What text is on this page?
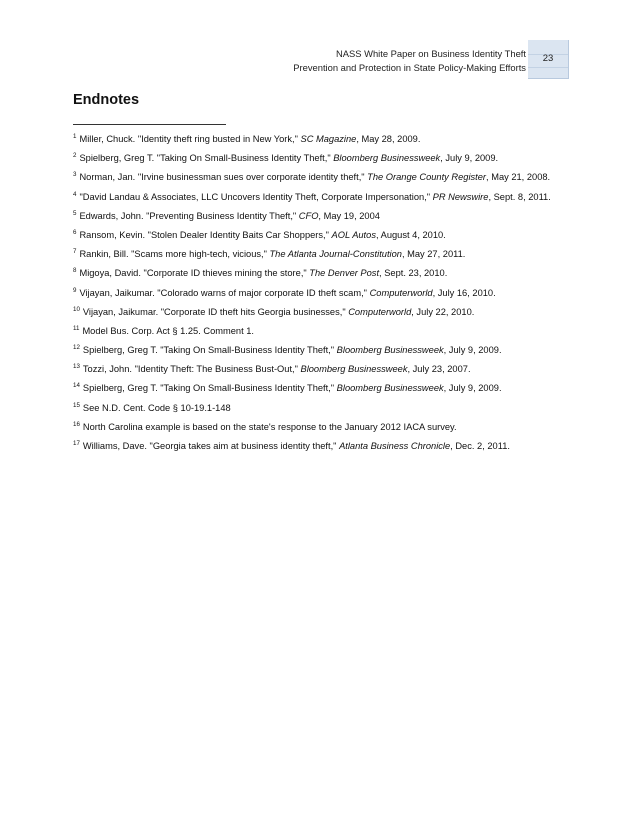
NASS White Paper on Business Identity Theft
Prevention and Protection in State Policy-Making Efforts
23
Endnotes
$^1$ Miller, Chuck. "Identity theft ring busted in New York," SC Magazine, May 28, 2009.
$^2$ Spielberg, Greg T. "Taking On Small-Business Identity Theft," Bloomberg Businessweek, July 9, 2009.
$^3$ Norman, Jan. "Irvine businessman sues over corporate identity theft," The Orange County Register, May 21, 2008.
$^4$ "David Landau & Associates, LLC Uncovers Identity Theft, Corporate Impersonation," PR Newswire, Sept. 8, 2011.
$^5$ Edwards, John. "Preventing Business Identity Theft," CFO, May 19, 2004
$^6$ Ransom, Kevin. "Stolen Dealer Identity Baits Car Shoppers," AOL Autos, August 4, 2010.
$^7$ Rankin, Bill. "Scams more high-tech, vicious," The Atlanta Journal-Constitution, May 27, 2011.
$^8$ Migoya, David. "Corporate ID thieves mining the store," The Denver Post, Sept. 23, 2010.
$^9$ Vijayan, Jaikumar. "Colorado warns of major corporate ID theft scam," Computerworld, July 16, 2010.
$^{10}$ Vijayan, Jaikumar. "Corporate ID theft hits Georgia businesses," Computerworld, July 22, 2010.
$^{11}$ Model Bus. Corp. Act § 1.25. Comment 1.
$^{12}$ Spielberg, Greg T. "Taking On Small-Business Identity Theft," Bloomberg Businessweek, July 9, 2009.
$^{13}$ Tozzi, John. "Identity Theft: The Business Bust-Out," Bloomberg Businessweek, July 23, 2007.
$^{14}$ Spielberg, Greg T. "Taking On Small-Business Identity Theft," Bloomberg Businessweek, July 9, 2009.
$^{15}$ See N.D. Cent. Code § 10-19.1-148
$^{16}$ North Carolina example is based on the state's response to the January 2012 IACA survey.
$^{17}$ Williams, Dave. "Georgia takes aim at business identity theft," Atlanta Business Chronicle, Dec. 2, 2011.
